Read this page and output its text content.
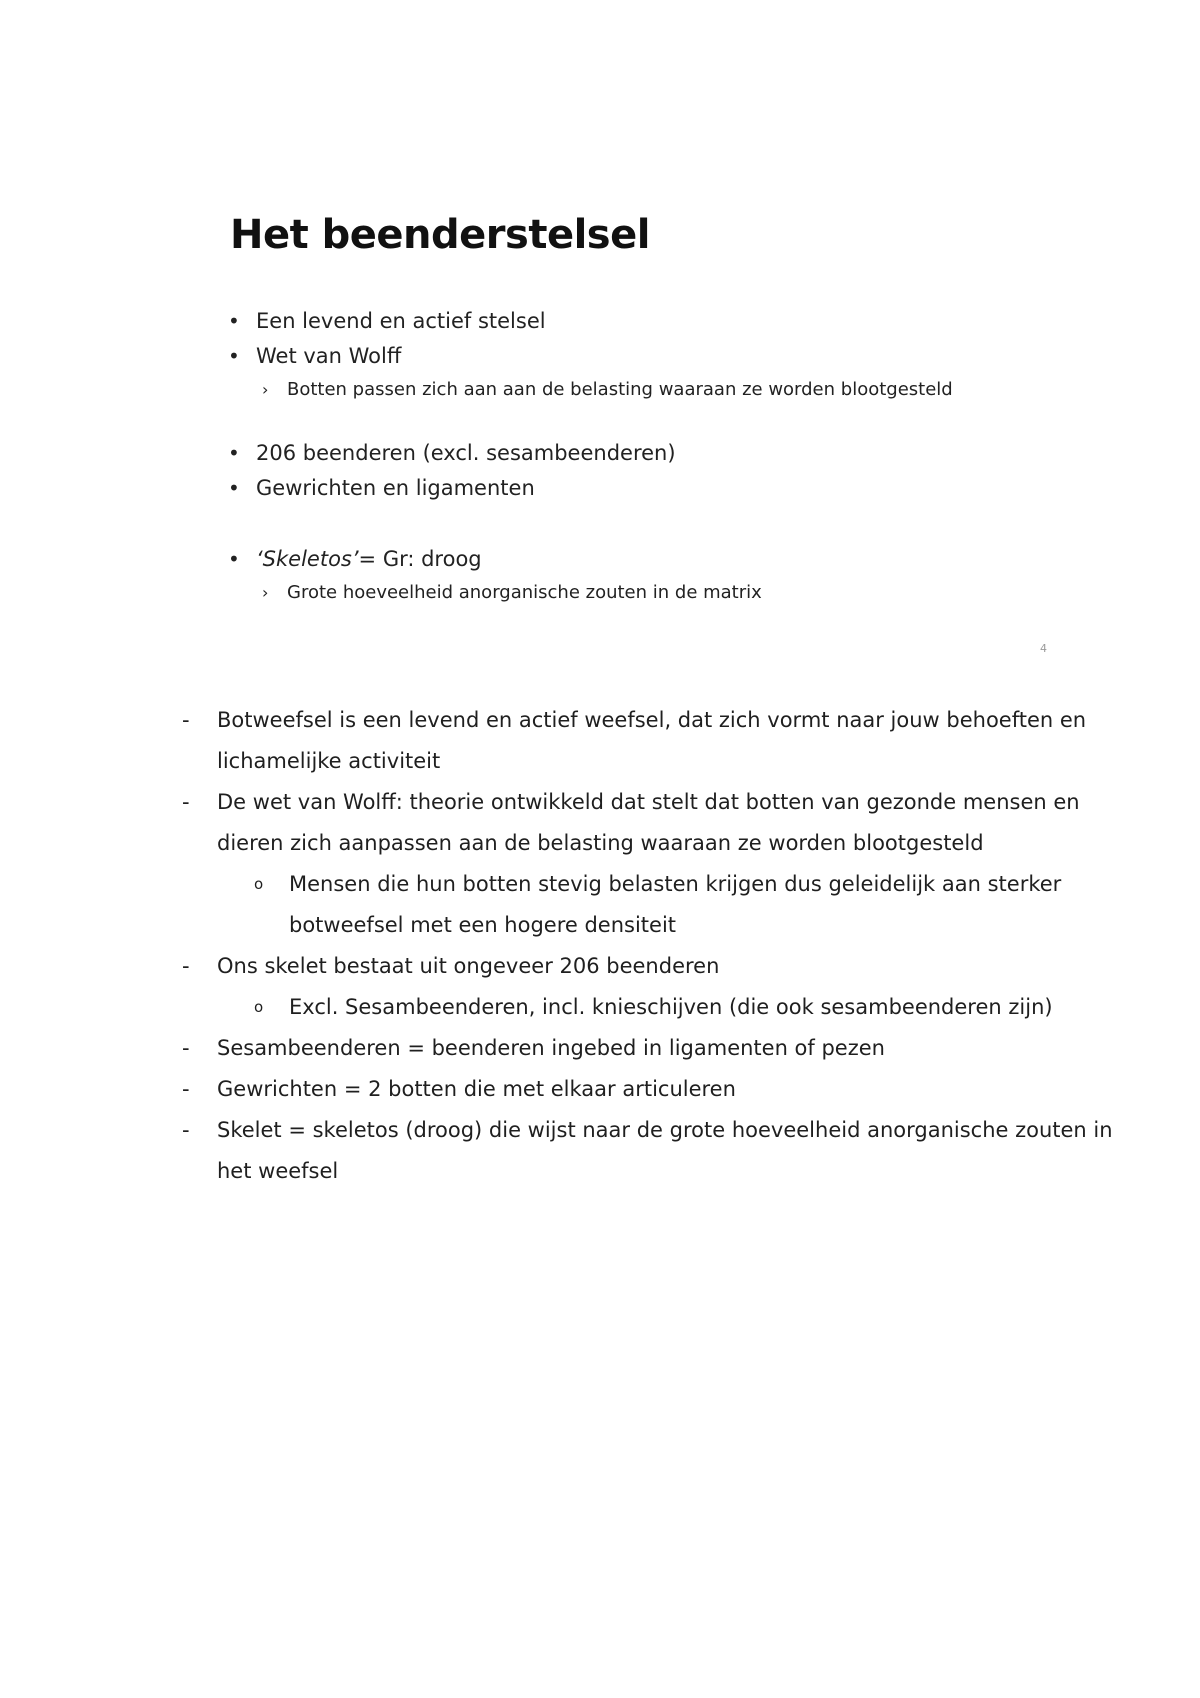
Het beenderstelsel
• Een levend en actief stelsel
• Wet van Wolff
› Botten passen zich aan aan de belasting waaraan ze worden blootgesteld
• 206 beenderen (excl. sesambeenderen)
• Gewrichten en ligamenten
• ‘Skeletos’= Gr: droog
› Grote hoeveelheid anorganische zouten in de matrix
4
- Botweefsel is een levend en actief weefsel, dat zich vormt naar jouw behoeften en lichamelijke activiteit
- De wet van Wolff: theorie ontwikkeld dat stelt dat botten van gezonde mensen en dieren zich aanpassen aan de belasting waaraan ze worden blootgesteld
o Mensen die hun botten stevig belasten krijgen dus geleidelijk aan sterker botweefsel met een hogere densiteit
- Ons skelet bestaat uit ongeveer 206 beenderen
o Excl. Sesambeenderen, incl. knieschijven (die ook sesambeenderen zijn)
- Sesambeenderen = beenderen ingebed in ligamenten of pezen
- Gewrichten = 2 botten die met elkaar articuleren
- Skelet = skeletos (droog) die wijst naar de grote hoeveelheid anorganische zouten in het weefsel
